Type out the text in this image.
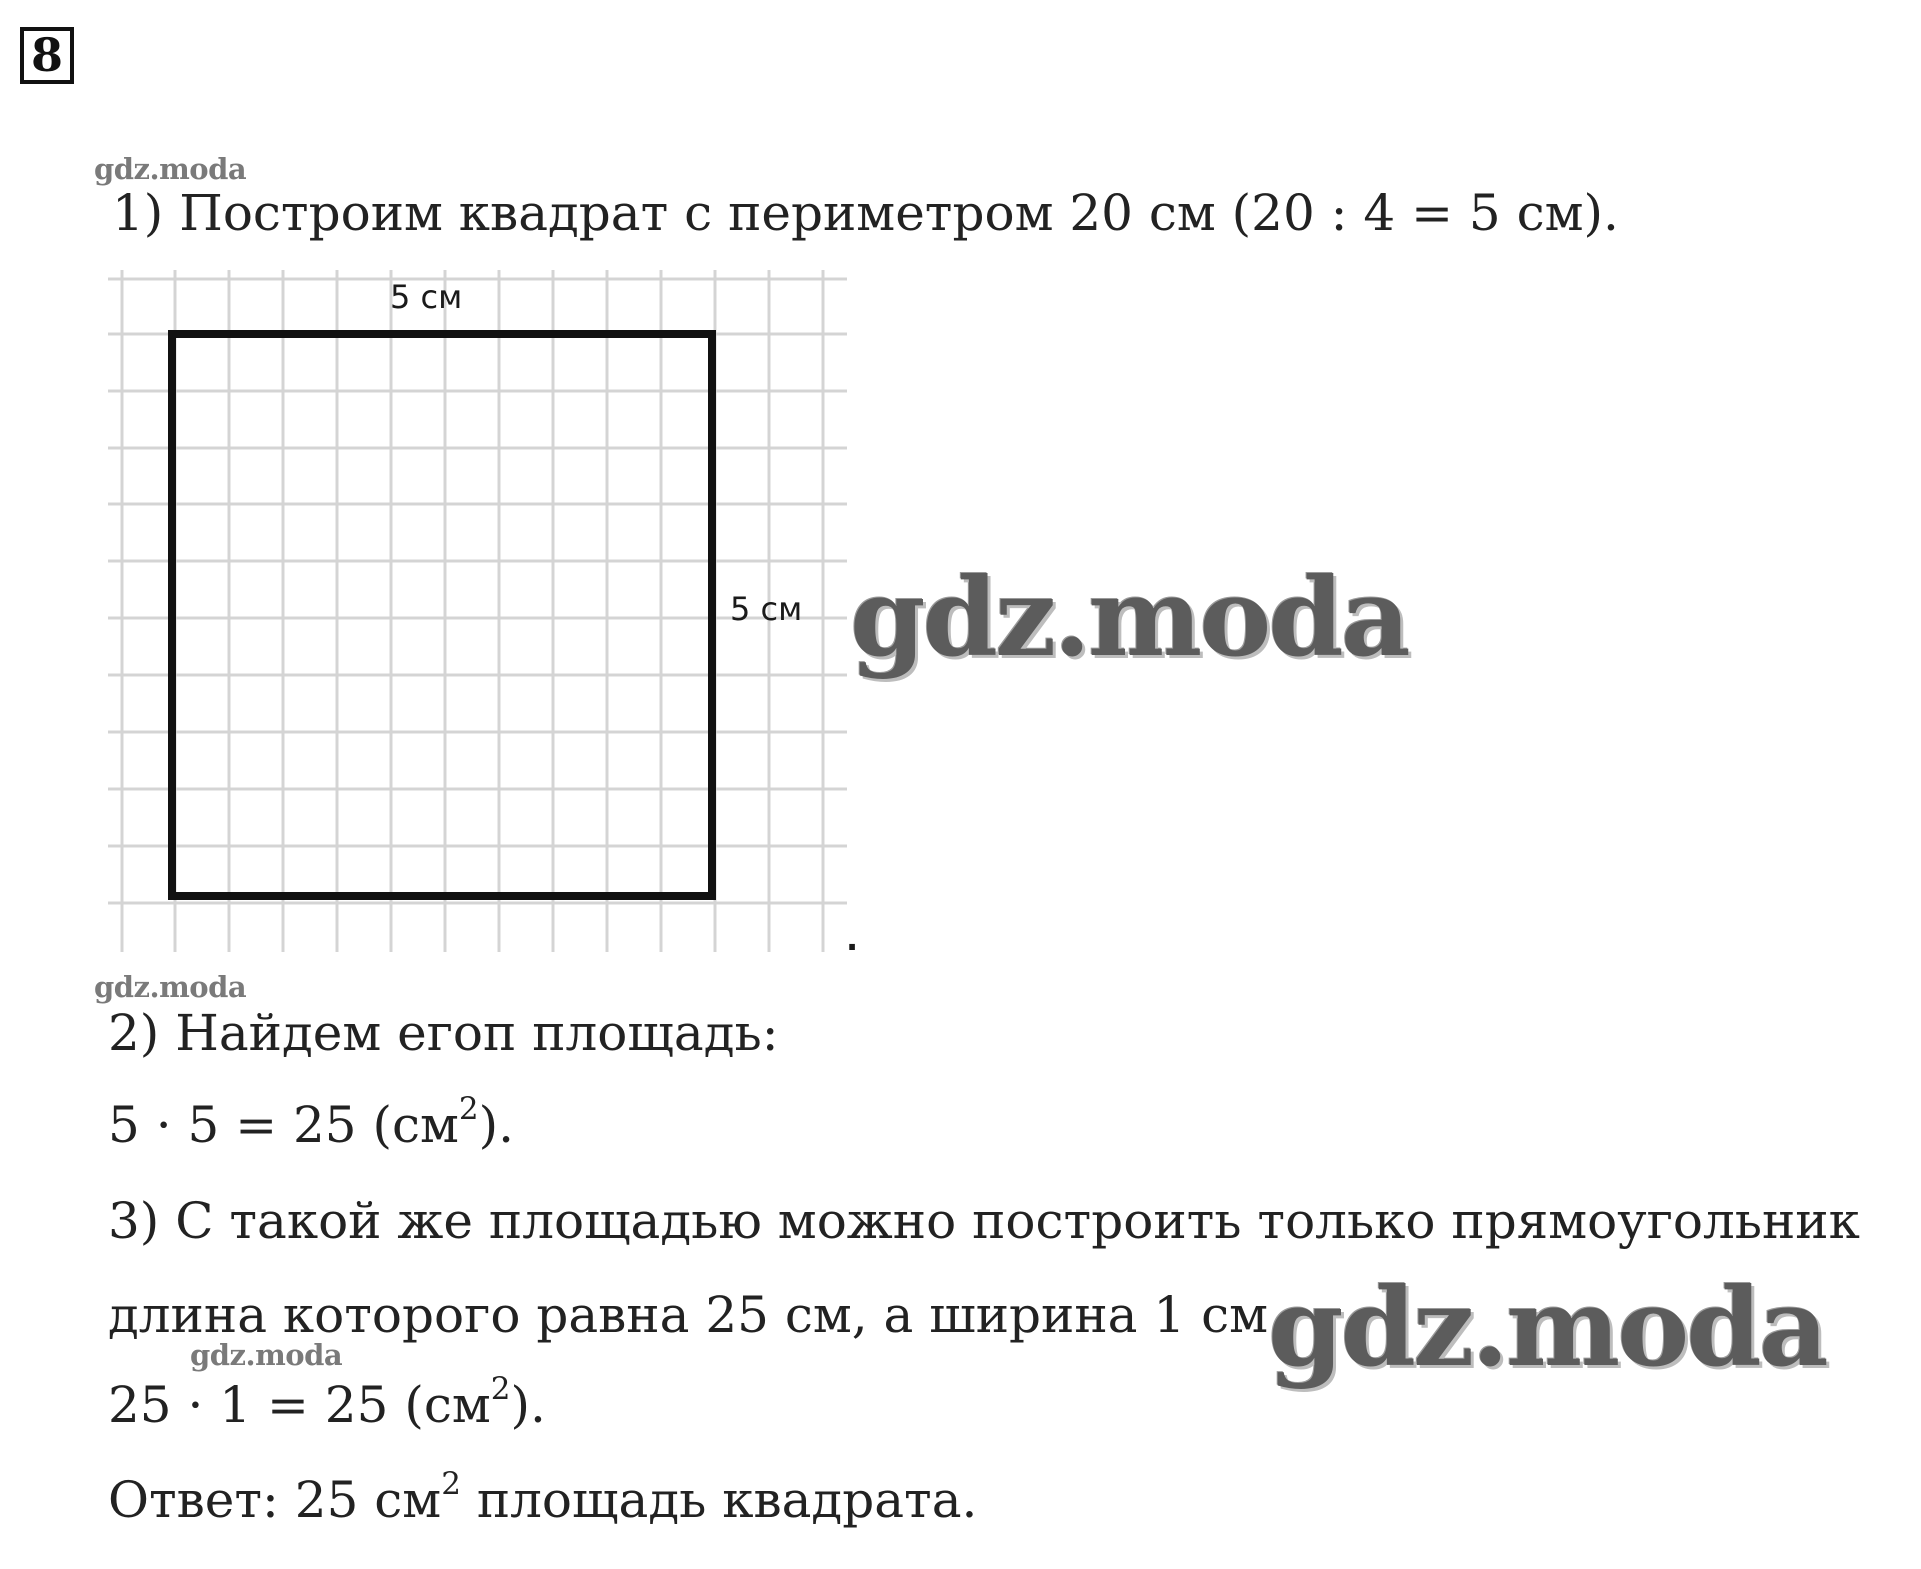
8
gdz.moda
1) Построим квадрат с периметром 20 см (20 : 4 = 5 см).
5 см
5 см
.
gdz.moda
gdz.moda
2) Найдем егоп площадь:
5 · 5 = 25 $(см^2)$.
3) С такой же площадью можно построить только прямоугольник
длина которого равна 25 см, а ширина 1 см.
gdz.moda
gdz.moda
25 · 1 = 25 $(см^2)$.
Ответ: 25 $см^2$ площадь квадрата.
